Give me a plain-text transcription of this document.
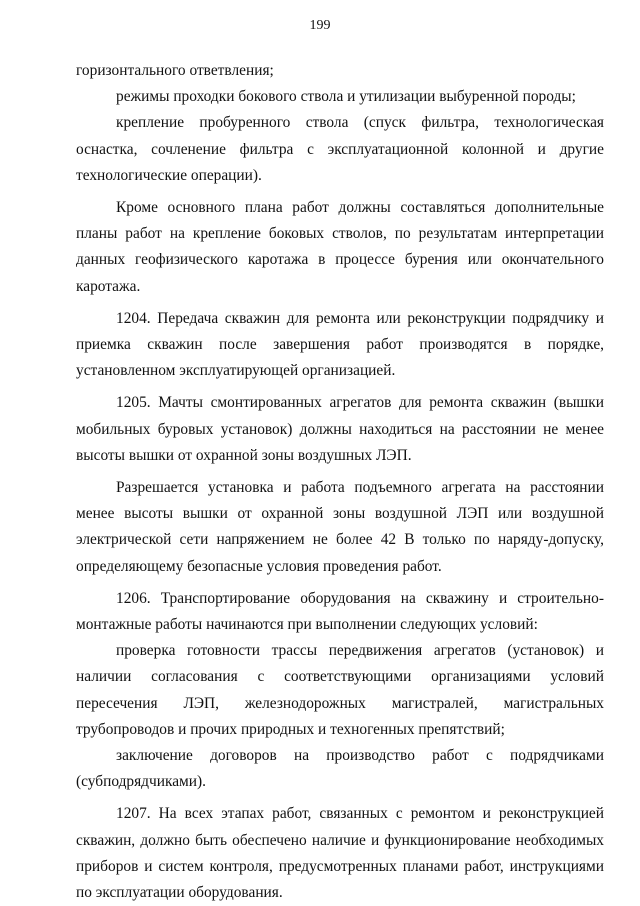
199

горизонтального ответвления;

режимы проходки бокового ствола и утилизации выбуренной породы;

крепление пробуренного ствола (спуск фильтра, технологическая оснастка, сочленение фильтра с эксплуатационной колонной и другие технологические операции).

Кроме основного плана работ должны составляться дополнительные планы работ на крепление боковых стволов, по результатам интерпретации данных геофизического каротажа в процессе бурения или окончательного каротажа.

1204. Передача скважин для ремонта или реконструкции подрядчику и приемка скважин после завершения работ производятся в порядке, установленном эксплуатирующей организацией.

1205. Мачты смонтированных агрегатов для ремонта скважин (вышки мобильных буровых установок) должны находиться на расстоянии не менее высоты вышки от охранной зоны воздушных ЛЭП.

Разрешается установка и работа подъемного агрегата на расстоянии менее высоты вышки от охранной зоны воздушной ЛЭП или воздушной электрической сети напряжением не более 42 В только по наряду-допуску, определяющему безопасные условия проведения работ.

1206. Транспортирование оборудования на скважину и строительно-монтажные работы начинаются при выполнении следующих условий:

проверка готовности трассы передвижения агрегатов (установок) и наличии согласования с соответствующими организациями условий пересечения ЛЭП, железнодорожных магистралей, магистральных трубопроводов и прочих природных и техногенных препятствий;

заключение договоров на производство работ с подрядчиками (субподрядчиками).

1207. На всех этапах работ, связанных с ремонтом и реконструкцией скважин, должно быть обеспечено наличие и функционирование необходимых приборов и систем контроля, предусмотренных планами работ, инструкциями по эксплуатации оборудования.
